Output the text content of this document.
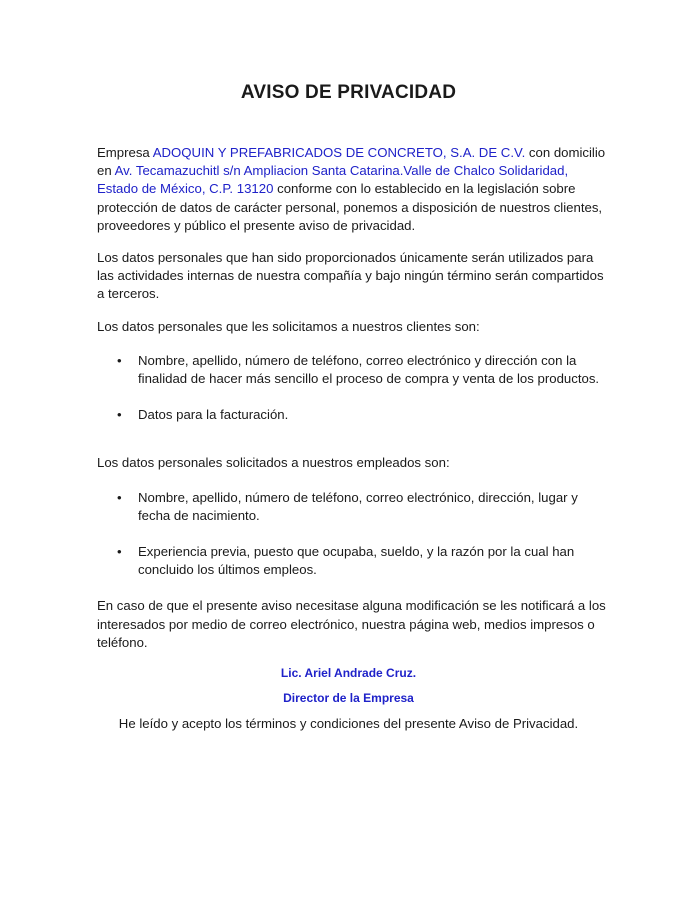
AVISO DE PRIVACIDAD

Empresa ADOQUIN Y PREFABRICADOS DE CONCRETO, S.A. DE C.V. con domicilio en Av. Tecamazuchitl s/n Ampliacion Santa Catarina.Valle de Chalco Solidaridad, Estado de México, C.P. 13120 conforme con lo establecido en la legislación sobre protección de datos de carácter personal, ponemos a disposición de nuestros clientes, proveedores y público el presente aviso de privacidad.

Los datos personales que han sido proporcionados únicamente serán utilizados para las actividades internas de nuestra compañía y bajo ningún término serán compartidos a terceros.

Los datos personales que les solicitamos a nuestros clientes son:

• Nombre, apellido, número de teléfono, correo electrónico y dirección con la finalidad de hacer más sencillo el proceso de compra y venta de los productos.
• Datos para la facturación.

Los datos personales solicitados a nuestros empleados son:

• Nombre, apellido, número de teléfono, correo electrónico, dirección, lugar y fecha de nacimiento.
• Experiencia previa, puesto que ocupaba, sueldo, y la razón por la cual han concluido los últimos empleos.

En caso de que el presente aviso necesitase alguna modificación se les notificará a los interesados por medio de correo electrónico, nuestra página web, medios impresos o teléfono.

Lic. Ariel Andrade Cruz.
Director de la Empresa
He leído y acepto los términos y condiciones del presente Aviso de Privacidad.
